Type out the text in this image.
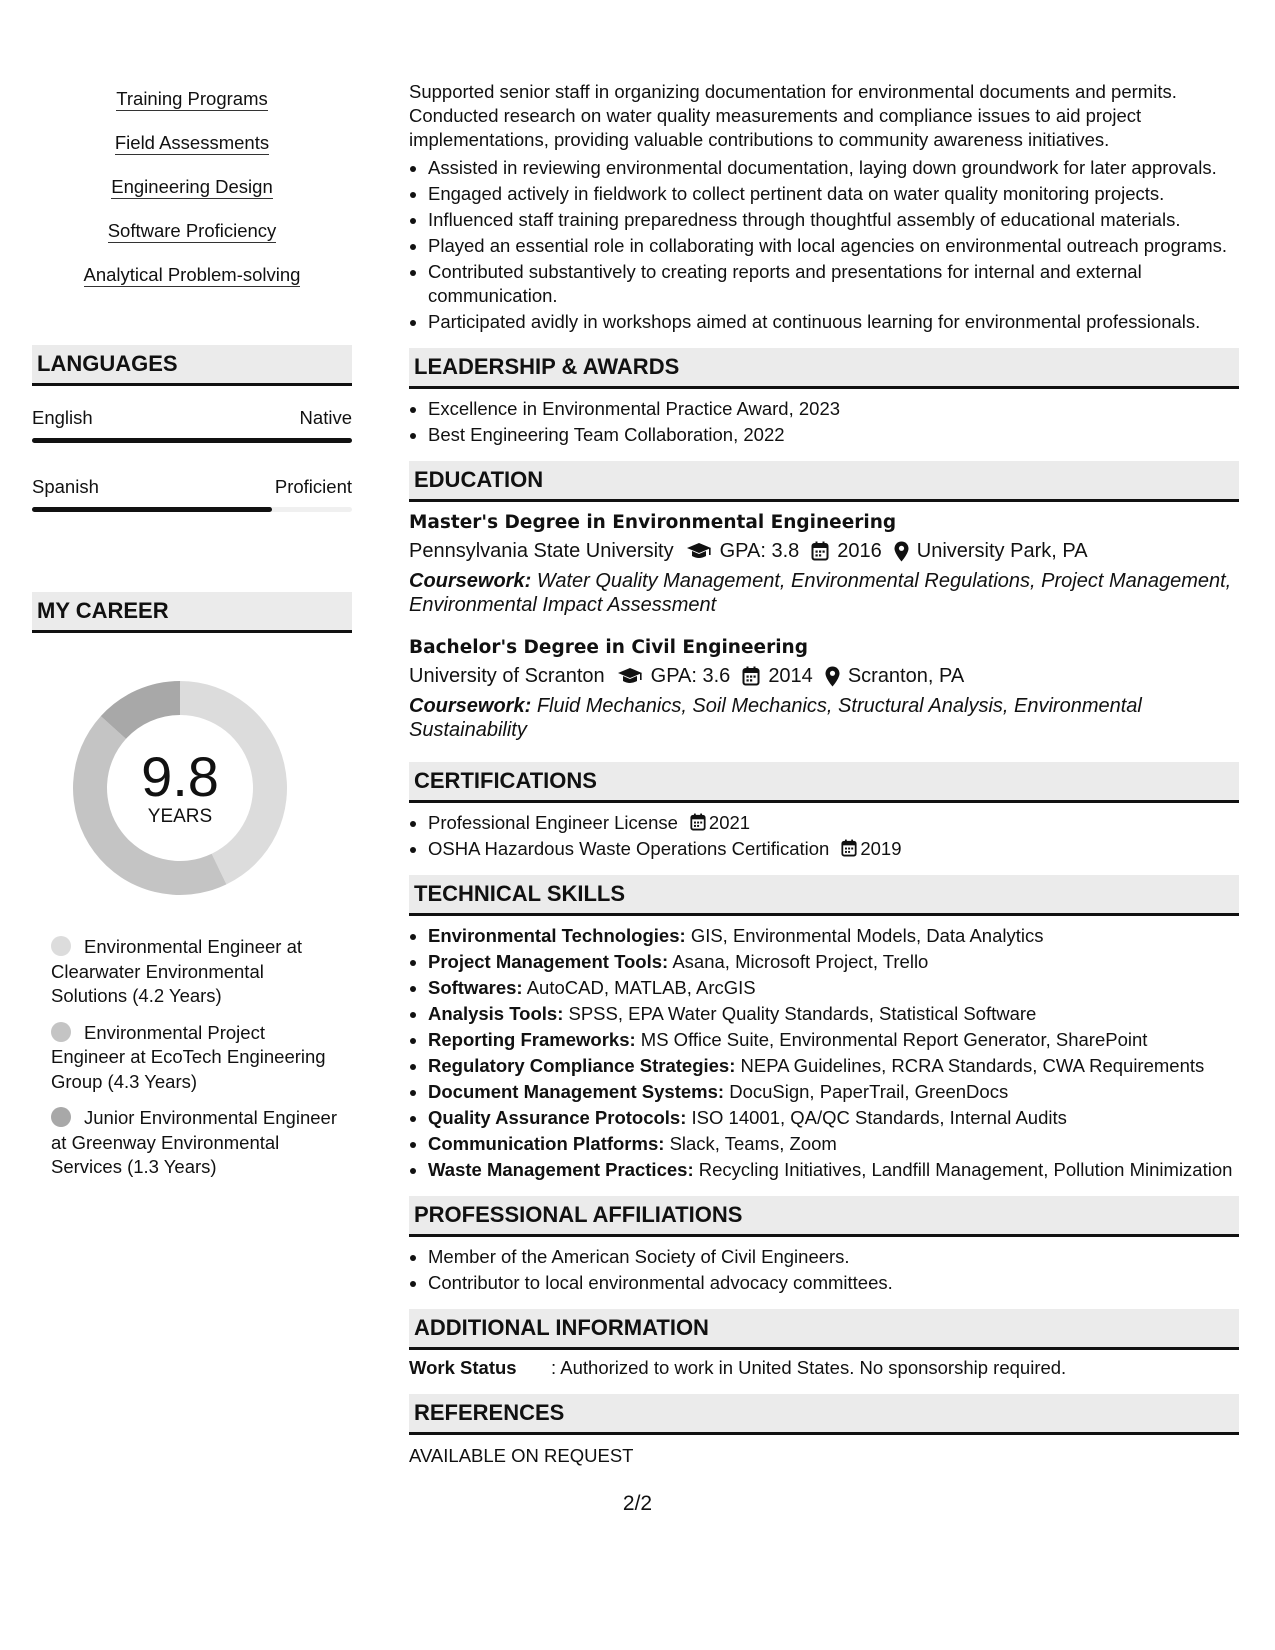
Training Programs
Field Assessments
Engineering Design
Software Proficiency
Analytical Problem-solving
LANGUAGES
English	Native
Spanish	Proficient
MY CAREER
9.8
YEARS
Environmental Engineer at Clearwater Environmental Solutions (4.2 Years)
Environmental Project Engineer at EcoTech Engineering Group (4.3 Years)
Junior Environmental Engineer at Greenway Environmental Services (1.3 Years)
Supported senior staff in organizing documentation for environmental documents and permits. Conducted research on water quality measurements and compliance issues to aid project implementations, providing valuable contributions to community awareness initiatives.
• Assisted in reviewing environmental documentation, laying down groundwork for later approvals.
• Engaged actively in fieldwork to collect pertinent data on water quality monitoring projects.
• Influenced staff training preparedness through thoughtful assembly of educational materials.
• Played an essential role in collaborating with local agencies on environmental outreach programs.
• Contributed substantively to creating reports and presentations for internal and external communication.
• Participated avidly in workshops aimed at continuous learning for environmental professionals.
LEADERSHIP & AWARDS
• Excellence in Environmental Practice Award, 2023
• Best Engineering Team Collaboration, 2022
EDUCATION
Master's Degree in Environmental Engineering
Pennsylvania State University GPA: 3.8 2016 University Park, PA
Coursework: Water Quality Management, Environmental Regulations, Project Management, Environmental Impact Assessment
Bachelor's Degree in Civil Engineering
University of Scranton GPA: 3.6 2014 Scranton, PA
Coursework: Fluid Mechanics, Soil Mechanics, Structural Analysis, Environmental Sustainability
CERTIFICATIONS
• Professional Engineer License 2021
• OSHA Hazardous Waste Operations Certification 2019
TECHNICAL SKILLS
• Environmental Technologies: GIS, Environmental Models, Data Analytics
• Project Management Tools: Asana, Microsoft Project, Trello
• Softwares: AutoCAD, MATLAB, ArcGIS
• Analysis Tools: SPSS, EPA Water Quality Standards, Statistical Software
• Reporting Frameworks: MS Office Suite, Environmental Report Generator, SharePoint
• Regulatory Compliance Strategies: NEPA Guidelines, RCRA Standards, CWA Requirements
• Document Management Systems: DocuSign, PaperTrail, GreenDocs
• Quality Assurance Protocols: ISO 14001, QA/QC Standards, Internal Audits
• Communication Platforms: Slack, Teams, Zoom
• Waste Management Practices: Recycling Initiatives, Landfill Management, Pollution Minimization
PROFESSIONAL AFFILIATIONS
• Member of the American Society of Civil Engineers.
• Contributor to local environmental advocacy committees.
ADDITIONAL INFORMATION
Work Status	: Authorized to work in United States. No sponsorship required.
REFERENCES
AVAILABLE ON REQUEST
2/2
